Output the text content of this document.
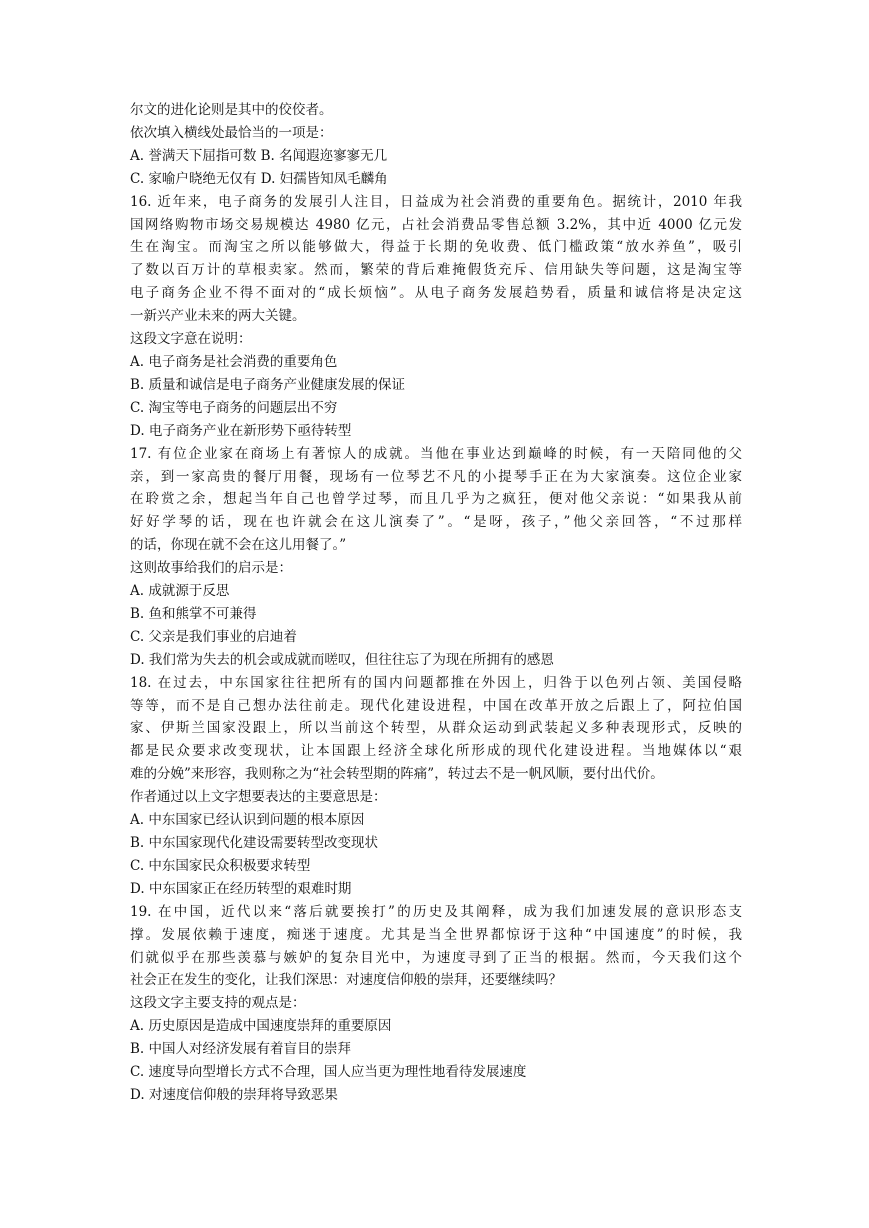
尔文的进化论则是其中的佼佼者。
依次填入横线处最恰当的一项是：
A. 誉满天下屈指可数 B. 名闻遐迩寥寥无几
C. 家喻户晓绝无仅有 D. 妇孺皆知凤毛麟角
16. 近年来，电子商务的发展引人注目，日益成为社会消费的重要角色。据统计，2010 年我
国网络购物市场交易规模达 4980 亿元，占社会消费品零售总额 3.2%，其中近 4000 亿元发
生在淘宝。而淘宝之所以能够做大，得益于长期的免收费、低门槛政策“放水养鱼”，吸引
了数以百万计的草根卖家。然而，繁荣的背后难掩假货充斥、信用缺失等问题，这是淘宝等
电子商务企业不得不面对的“成长烦恼”。从电子商务发展趋势看，质量和诚信将是决定这
一新兴产业未来的两大关键。
这段文字意在说明：
A. 电子商务是社会消费的重要角色
B. 质量和诚信是电子商务产业健康发展的保证
C. 淘宝等电子商务的问题层出不穷
D. 电子商务产业在新形势下亟待转型
17. 有位企业家在商场上有著惊人的成就。当他在事业达到巅峰的时候，有一天陪同他的父
亲，到一家高贵的餐厅用餐，现场有一位琴艺不凡的小提琴手正在为大家演奏。这位企业家
在聆赏之余，想起当年自己也曾学过琴，而且几乎为之疯狂，便对他父亲说：“如果我从前
好好学琴的话，现在也许就会在这儿演奏了”。“是呀，孩子，”他父亲回答，“不过那样
的话，你现在就不会在这儿用餐了。”
这则故事给我们的启示是：
A. 成就源于反思
B. 鱼和熊掌不可兼得
C. 父亲是我们事业的启迪着
D. 我们常为失去的机会或成就而嗟叹，但往往忘了为现在所拥有的感恩
18. 在过去，中东国家往往把所有的国内问题都推在外因上，归咎于以色列占领、美国侵略
等等，而不是自己想办法往前走。现代化建设进程，中国在改革开放之后跟上了，阿拉伯国
家、伊斯兰国家没跟上，所以当前这个转型，从群众运动到武装起义多种表现形式，反映的
都是民众要求改变现状，让本国跟上经济全球化所形成的现代化建设进程。当地媒体以“艰
难的分娩”来形容，我则称之为“社会转型期的阵痛”，转过去不是一帆风顺，要付出代价。
作者通过以上文字想要表达的主要意思是：
A. 中东国家已经认识到问题的根本原因
B. 中东国家现代化建设需要转型改变现状
C. 中东国家民众积极要求转型
D. 中东国家正在经历转型的艰难时期
19. 在中国，近代以来“落后就要挨打”的历史及其阐释，成为我们加速发展的意识形态支
撑。发展依赖于速度，痴迷于速度。尤其是当全世界都惊讶于这种“中国速度”的时候，我
们就似乎在那些羡慕与嫉妒的复杂目光中，为速度寻到了正当的根据。然而，今天我们这个
社会正在发生的变化，让我们深思：对速度信仰般的崇拜，还要继续吗？
这段文字主要支持的观点是：
A. 历史原因是造成中国速度崇拜的重要原因
B. 中国人对经济发展有着盲目的崇拜
C. 速度导向型增长方式不合理，国人应当更为理性地看待发展速度
D. 对速度信仰般的崇拜将导致恶果
